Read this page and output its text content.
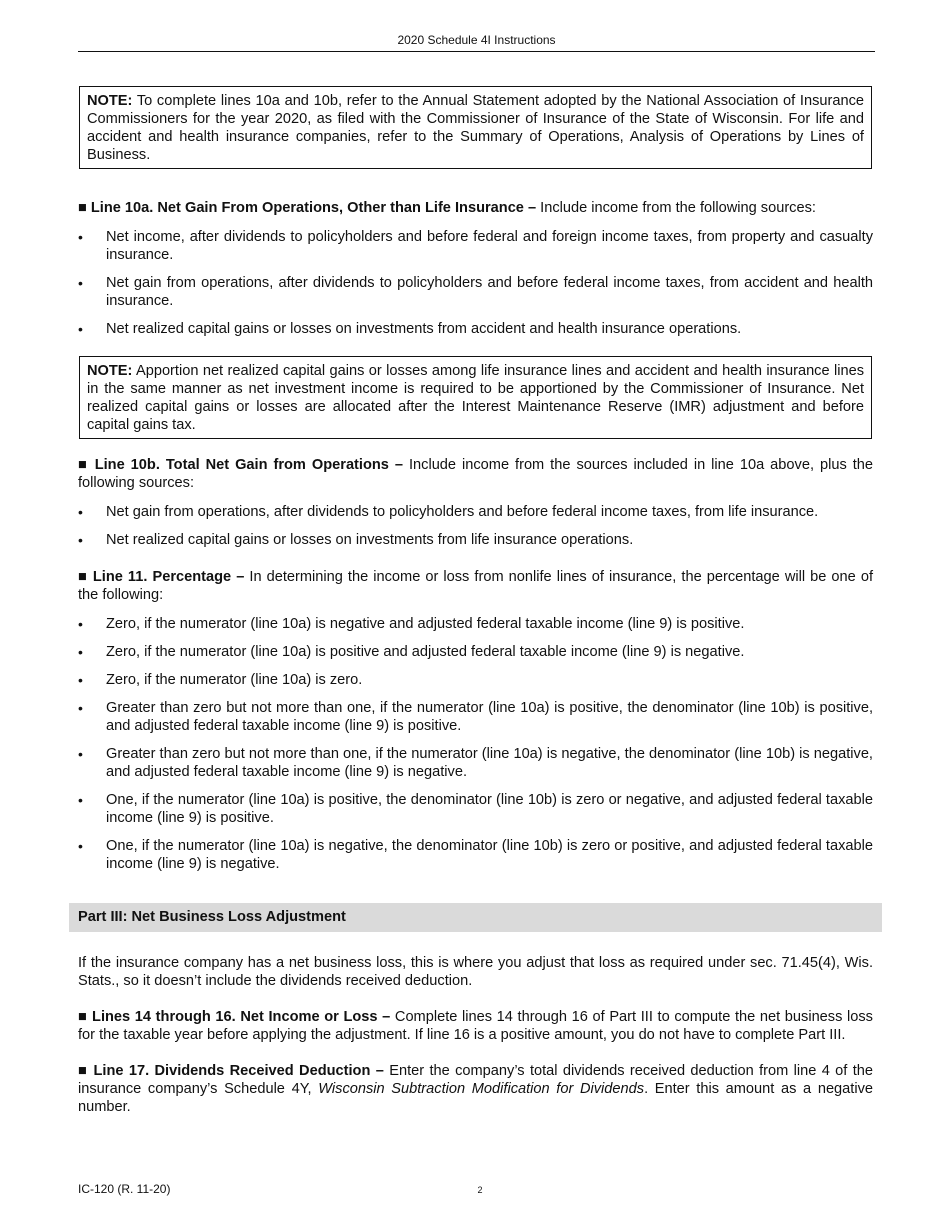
2020 Schedule 4I Instructions
NOTE: To complete lines 10a and 10b, refer to the Annual Statement adopted by the National Association of Insurance Commissioners for the year 2020, as filed with the Commissioner of Insurance of the State of Wisconsin. For life and accident and health insurance companies, refer to the Summary of Operations, Analysis of Operations by Lines of Business.

■ Line 10a. Net Gain From Operations, Other than Life Insurance – Include income from the following sources:

• Net income, after dividends to policyholders and before federal and foreign income taxes, from property and casualty insurance.
• Net gain from operations, after dividends to policyholders and before federal income taxes, from accident and health insurance.
• Net realized capital gains or losses on investments from accident and health insurance operations.
NOTE: Apportion net realized capital gains or losses among life insurance lines and accident and health insurance lines in the same manner as net investment income is required to be apportioned by the Commissioner of Insurance. Net realized capital gains or losses are allocated after the Interest Maintenance Reserve (IMR) adjustment and before capital gains tax.

■ Line 10b. Total Net Gain from Operations – Include income from the sources included in line 10a above, plus the following sources:

• Net gain from operations, after dividends to policyholders and before federal income taxes, from life insurance.
• Net realized capital gains or losses on investments from life insurance operations.

■ Line 11. Percentage – In determining the income or loss from nonlife lines of insurance, the percentage will be one of the following:

• Zero, if the numerator (line 10a) is negative and adjusted federal taxable income (line 9) is positive.
• Zero, if the numerator (line 10a) is positive and adjusted federal taxable income (line 9) is negative.
• Zero, if the numerator (line 10a) is zero.
• Greater than zero but not more than one, if the numerator (line 10a) is positive, the denominator (line 10b) is positive, and adjusted federal taxable income (line 9) is positive.
• Greater than zero but not more than one, if the numerator (line 10a) is negative, the denominator (line 10b) is negative, and adjusted federal taxable income (line 9) is negative.
• One, if the numerator (line 10a) is positive, the denominator (line 10b) is zero or negative, and adjusted federal taxable income (line 9) is positive.
• One, if the numerator (line 10a) is negative, the denominator (line 10b) is zero or positive, and adjusted federal taxable income (line 9) is negative.
Part III: Net Business Loss Adjustment

If the insurance company has a net business loss, this is where you adjust that loss as required under sec. 71.45(4), Wis. Stats., so it doesn’t include the dividends received deduction.

■ Lines 14 through 16. Net Income or Loss – Complete lines 14 through 16 of Part III to compute the net business loss for the taxable year before applying the adjustment. If line 16 is a positive amount, you do not have to complete Part III.

■ Line 17. Dividends Received Deduction – Enter the company’s total dividends received deduction from line 4 of the insurance company’s Schedule 4Y, Wisconsin Subtraction Modification for Dividends. Enter this amount as a negative number.

IC-120 (R. 11-20)	2
